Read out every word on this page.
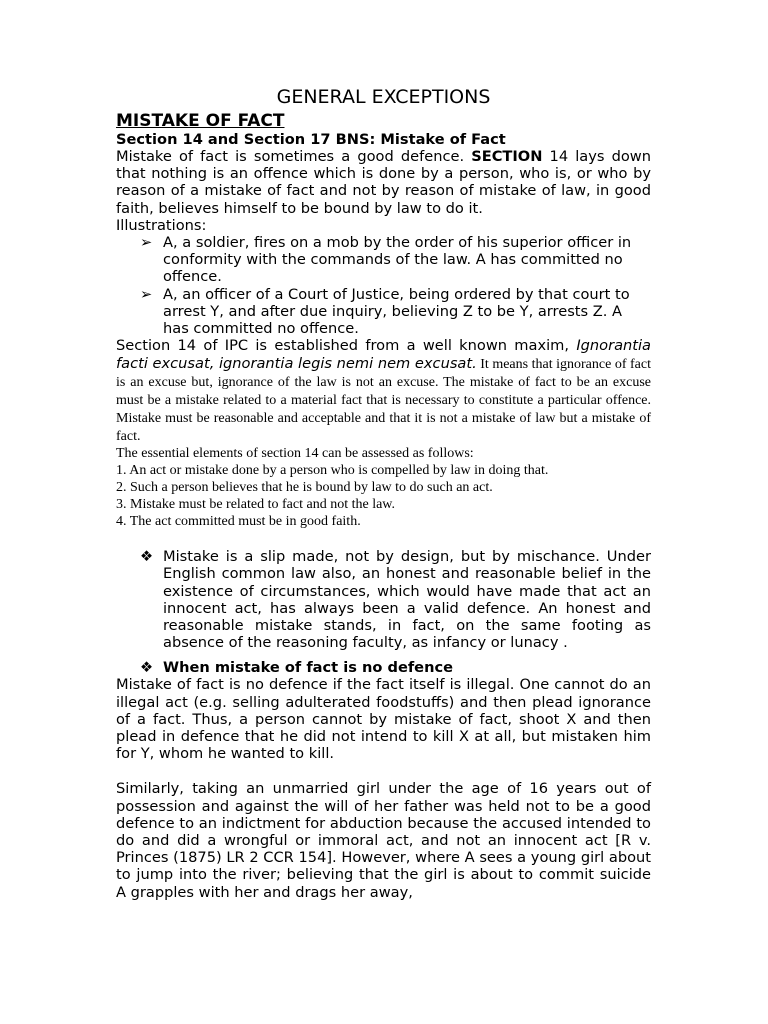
GENERAL EXCEPTIONS
MISTAKE OF FACT
Section 14 and Section 17 BNS: Mistake of Fact

Mistake of fact is sometimes a good defence. SECTION 14 lays down that nothing is an offence which is done by a person, who is, or who by reason of a mistake of fact and not by reason of mistake of law, in good faith, believes himself to be bound by law to do it.

Illustrations:

➢ A, a soldier, fires on a mob by the order of his superior officer in conformity with the commands of the law. A has committed no offence.
➢ A, an officer of a Court of Justice, being ordered by that court to arrest Y, and after due inquiry, believing Z to be Y, arrests Z. A has committed no offence.

Section 14 of IPC is established from a well known maxim, Ignorantia facti excusat, ignorantia legis nemi nem excusat. It means that ignorance of fact is an excuse but, ignorance of the law is not an excuse. The mistake of fact to be an excuse must be a mistake related to a material fact that is necessary to constitute a particular offence. Mistake must be reasonable and acceptable and that it is not a mistake of law but a mistake of fact.

The essential elements of section 14 can be assessed as follows:

1. An act or mistake done by a person who is compelled by law in doing that.

2. Such a person believes that he is bound by law to do such an act.

3. Mistake must be related to fact and not the law.

4. The act committed must be in good faith.

❖ Mistake is a slip made, not by design, but by mischance. Under English common law also, an honest and reasonable belief in the existence of circumstances, which would have made that act an innocent act, has always been a valid defence. An honest and reasonable mistake stands, in fact, on the same footing as absence of the reasoning faculty, as infancy or lunacy .
❖ When mistake of fact is no defence

Mistake of fact is no defence if the fact itself is illegal. One cannot do an illegal act (e.g. selling adulterated foodstuffs) and then plead ignorance of a fact. Thus, a person cannot by mistake of fact, shoot X and then plead in defence that he did not intend to kill X at all, but mistaken him for Y, whom he wanted to kill.

Similarly, taking an unmarried girl under the age of 16 years out of possession and against the will of her father was held not to be a good defence to an indictment for abduction because the accused intended to do and did a wrongful or immoral act, and not an innocent act [R v. Princes (1875) LR 2 CCR 154]. However, where A sees a young girl about to jump into the river; believing that the girl is about to commit suicide A grapples with her and drags her away,
